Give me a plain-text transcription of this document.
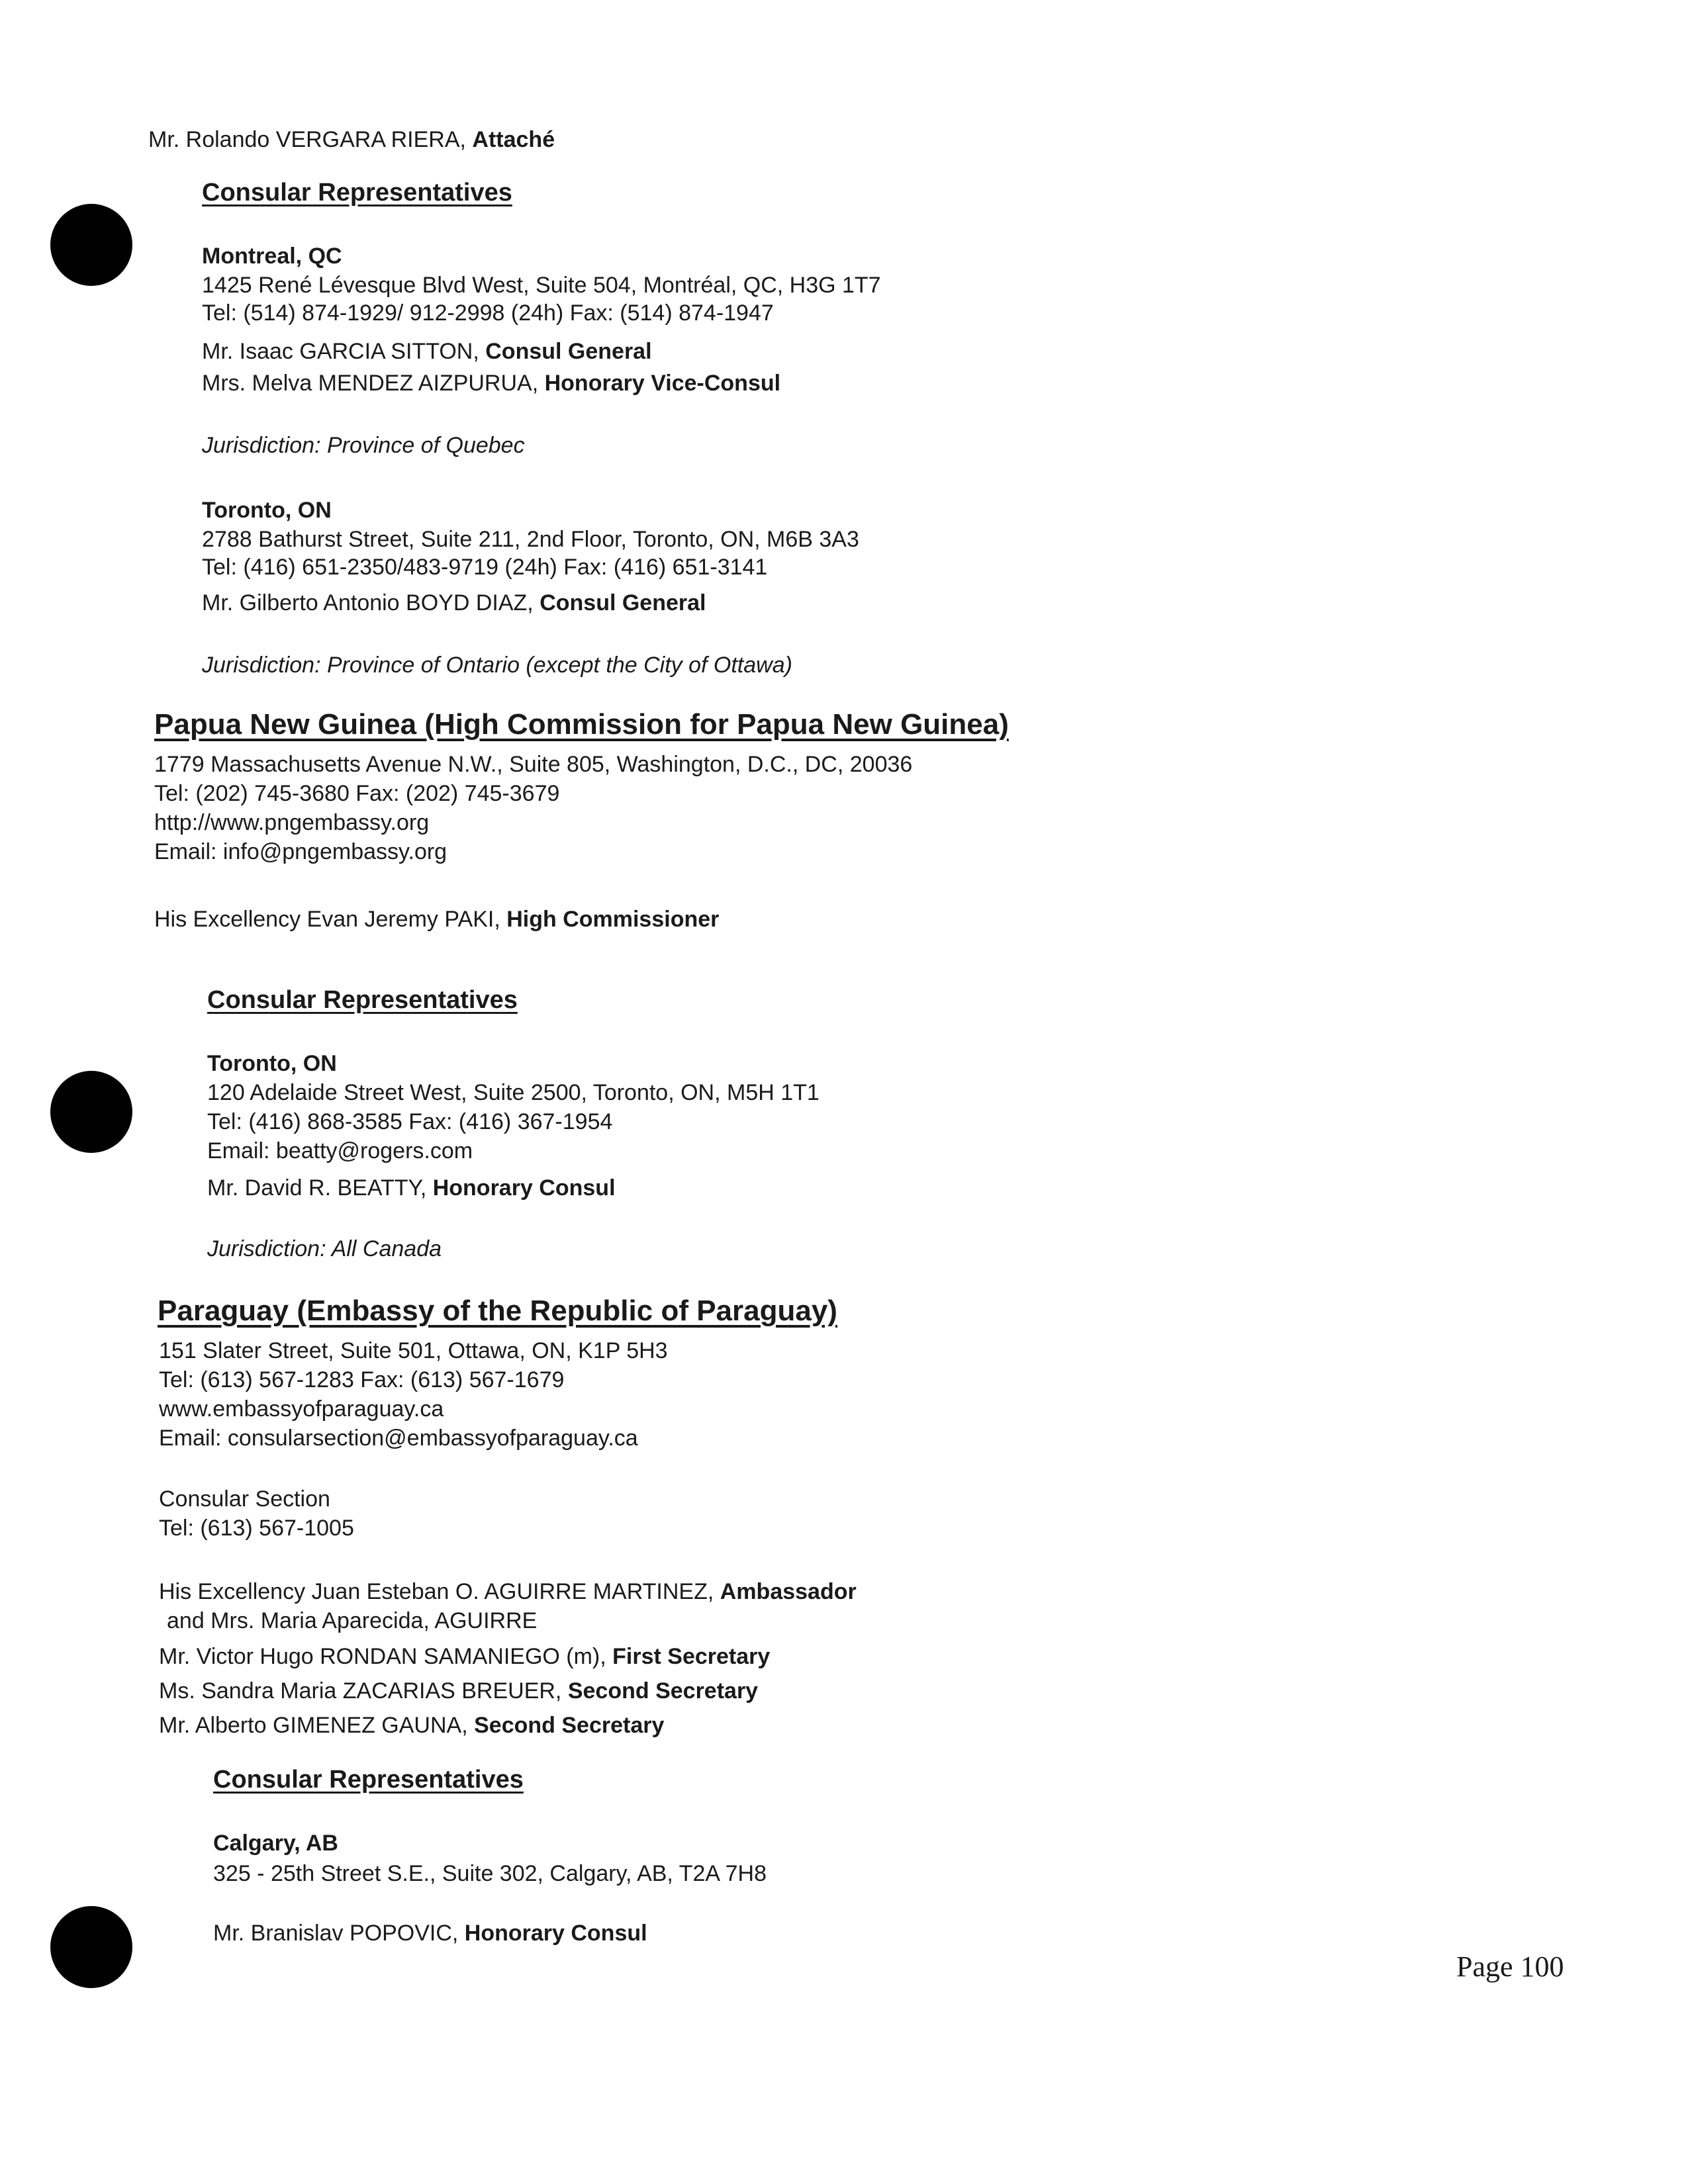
Mr. Rolando VERGARA RIERA, Attaché
Consular Representatives
Montreal, QC
1425 René Lévesque Blvd West, Suite 504, Montréal, QC, H3G 1T7
Tel: (514) 874-1929/ 912-2998 (24h) Fax: (514) 874-1947
Mr. Isaac GARCIA SITTON, Consul General
Mrs. Melva MENDEZ AIZPURUA, Honorary Vice-Consul
Jurisdiction: Province of Quebec
Toronto, ON
2788 Bathurst Street, Suite 211, 2nd Floor, Toronto, ON, M6B 3A3
Tel: (416) 651-2350/483-9719 (24h) Fax: (416) 651-3141
Mr. Gilberto Antonio BOYD DIAZ, Consul General
Jurisdiction: Province of Ontario (except the City of Ottawa)
Papua New Guinea (High Commission for Papua New Guinea)
1779 Massachusetts Avenue N.W., Suite 805, Washington, D.C., DC, 20036
Tel: (202) 745-3680 Fax: (202) 745-3679
http://www.pngembassy.org
Email: info@pngembassy.org
His Excellency Evan Jeremy PAKI, High Commissioner
Consular Representatives
Toronto, ON
120 Adelaide Street West, Suite 2500, Toronto, ON, M5H 1T1
Tel: (416) 868-3585 Fax: (416) 367-1954
Email: beatty@rogers.com
Mr. David R. BEATTY, Honorary Consul
Jurisdiction: All Canada
Paraguay (Embassy of the Republic of Paraguay)
151 Slater Street, Suite 501, Ottawa, ON, K1P 5H3
Tel: (613) 567-1283 Fax: (613) 567-1679
www.embassyofparaguay.ca
Email: consularsection@embassyofparaguay.ca
Consular Section
Tel: (613) 567-1005
His Excellency Juan Esteban O. AGUIRRE MARTINEZ, Ambassador
and Mrs. Maria Aparecida, AGUIRRE
Mr. Victor Hugo RONDAN SAMANIEGO (m), First Secretary
Ms. Sandra Maria ZACARIAS BREUER, Second Secretary
Mr. Alberto GIMENEZ GAUNA, Second Secretary
Consular Representatives
Calgary, AB
325 - 25th Street S.E., Suite 302, Calgary, AB, T2A 7H8
Mr. Branislav POPOVIC, Honorary Consul
Page 100
